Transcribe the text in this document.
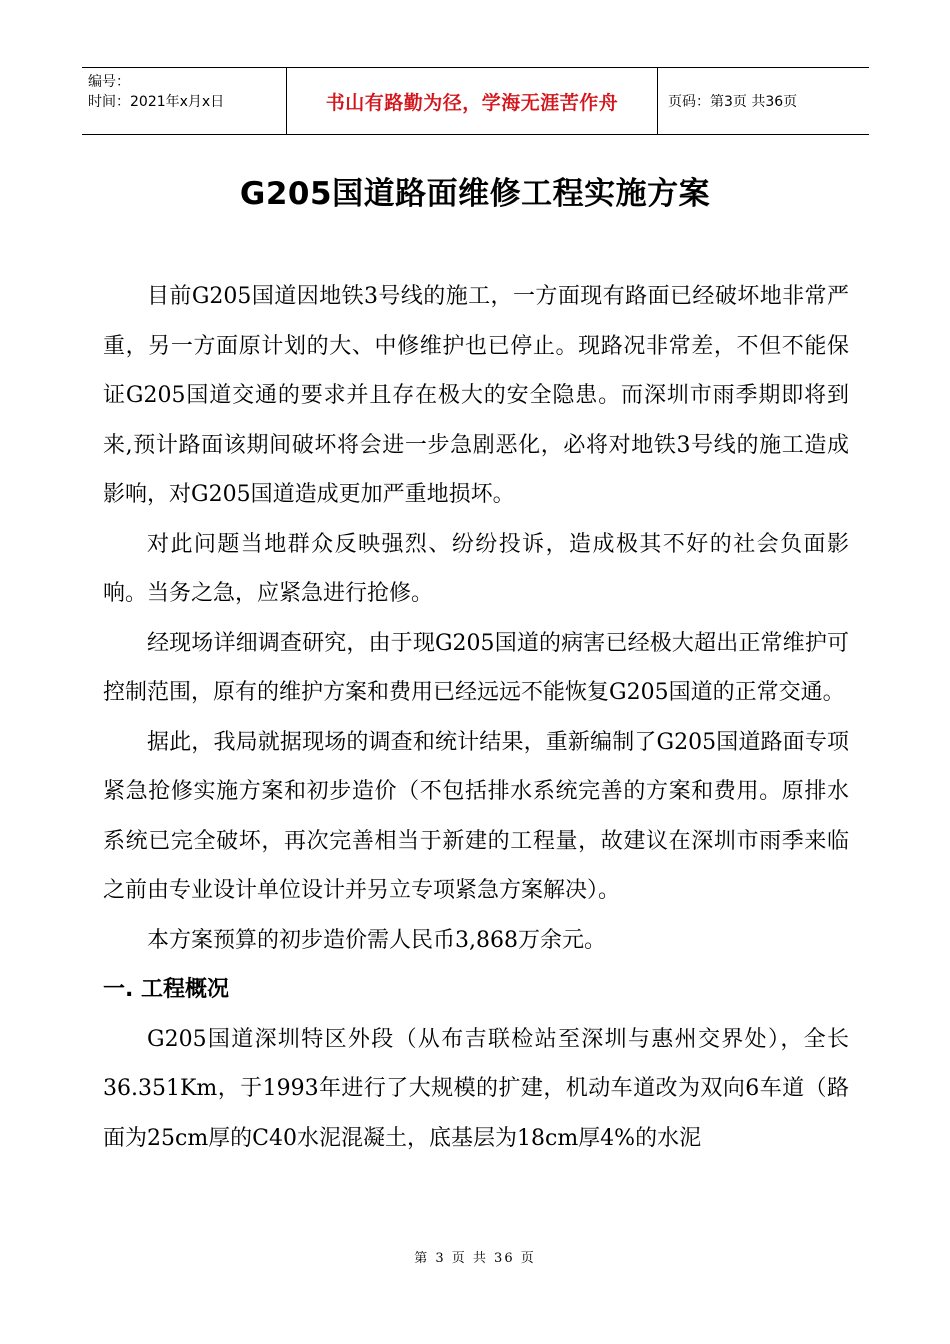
编号：
时间：2021年x月x日	书山有路勤为径，学海无涯苦作舟	页码：第3页 共36页
G205国道路面维修工程实施方案

目前G205国道因地铁3号线的施工，一方面现有路面已经破坏地非常严重，另一方面原计划的大、中修维护也已停止。现路况非常差，不但不能保证G205国道交通的要求并且存在极大的安全隐患。而深圳市雨季期即将到来,预计路面该期间破坏将会进一步急剧恶化，必将对地铁3号线的施工造成影响，对G205国道造成更加严重地损坏。

对此问题当地群众反映强烈、纷纷投诉，造成极其不好的社会负面影响。当务之急，应紧急进行抢修。

经现场详细调查研究，由于现G205国道的病害已经极大超出正常维护可控制范围，原有的维护方案和费用已经远远不能恢复G205国道的正常交通。

据此，我局就据现场的调查和统计结果，重新编制了G205国道路面专项紧急抢修实施方案和初步造价（不包括排水系统完善的方案和费用。原排水系统已完全破坏，再次完善相当于新建的工程量，故建议在深圳市雨季来临之前由专业设计单位设计并另立专项紧急方案解决）。

本方案预算的初步造价需人民币3,868万余元。

一. 工程概况

G205国道深圳特区外段（从布吉联检站至深圳与惠州交界处），全长36.351Km，于1993年进行了大规模的扩建，机动车道改为双向6车道（路面为25cm厚的C40水泥混凝土，底基层为18cm厚4%的水泥

第 3 页 共 36 页
